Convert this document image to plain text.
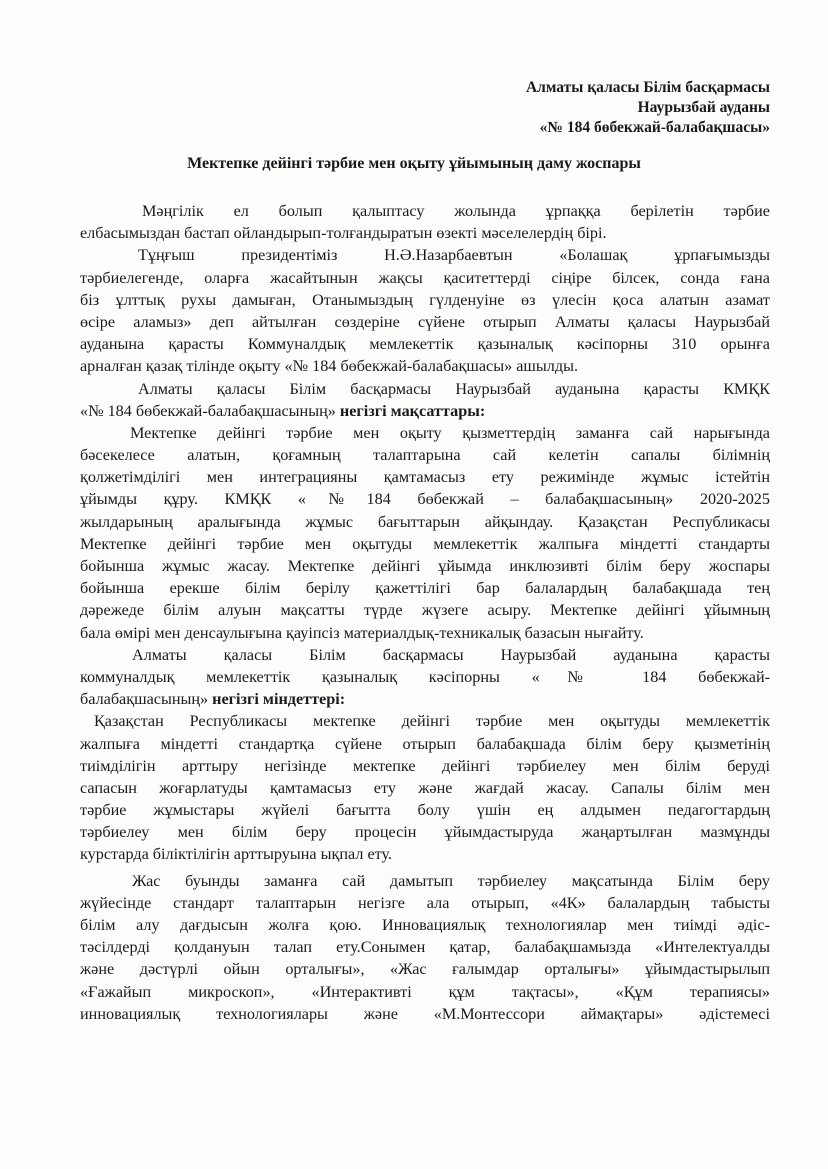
Алматы қаласы Білім басқармасы
Наурызбай ауданы
«№ 184 бөбекжай-балабақшасы»
Мектепке дейінгі тәрбие мен оқыту ұйымының даму жоспары
Мәңгілік ел болып қалыптасу жолында ұрпаққа берілетін тәрбие
елбасымыздан бастап ойландырып-толғандыратын өзекті мәселелердің бірі.
Тұңғыш президентіміз Н.Ә.Назарбаевтын «Болашақ ұрпағымызды
тәрбиелегенде, оларға жасайтынын жақсы қаситеттерді сіңіре білсек, сонда ғана
біз ұлттық рухы дамыған, Отанымыздың гүлденуіне өз үлесін қоса алатын азамат
өсіре аламыз» деп айтылған сөздеріне сүйене отырып Алматы қаласы Наурызбай
ауданына қарасты Коммуналдық мемлекеттік қазыналық кәсіпорны 310 орынға
арналған қазақ тілінде оқыту «№ 184 бөбекжай-балабақшасы» ашылды.
Алматы қаласы Білім басқармасы Наурызбай ауданына қарасты КМҚК
«№ 184 бөбекжай-балабақшасының» негізгі мақсаттары:
Мектепке дейінгі тәрбие мен оқыту қызметтердің заманға сай нарығында
бәсекелесе алатын, қоғамның талаптарына сай келетін сапалы білімнің
қолжетімділігі мен интеграцияны қамтамасыз ету режимінде жұмыс істейтін
ұйымды құру. КМҚК «№184 бөбекжай – балабақшасының» 2020-2025
жылдарының аралығында жұмыс бағыттарын айқындау. Қазақстан Республикасы
Мектепке дейінгі тәрбие мен оқытуды мемлекеттік жалпыға міндетті стандарты
бойынша жұмыс жасау. Мектепке дейінгі ұйымда инклюзивті білім беру жоспары
бойынша ерекше білім берілу қажеттілігі бар балалардың балабақшада тең
дәрежеде білім алуын мақсатты түрде жүзеге асыру. Мектепке дейінгі ұйымның
бала өмірі мен денсаулығына қауіпсіз материалдық-техникалық базасын нығайту.
Алматы қаласы Білім басқармасы Наурызбай ауданына қарасты
коммуналдық мемлекеттік қазыналық кәсіпорны «№ 184 бөбекжай-
балабақшасының» негізгі міндеттері:
Қазақстан Республикасы мектепке дейінгі тәрбие мен оқытуды мемлекеттік
жалпыға міндетті стандартқа сүйене отырып балабақшада білім беру қызметінің
тиімділігін арттыру негізінде мектепке дейінгі тәрбиелеу мен білім беруді
сапасын жоғарлатуды қамтамасыз ету және жағдай жасау. Сапалы білім мен
тәрбие жұмыстары жүйелі бағытта болу үшін ең алдымен педагогтардың
тәрбиелеу мен білім беру процесін ұйымдастыруда жаңартылған мазмұнды
курстарда біліктілігін арттыруына ықпал ету.
Жас буынды заманға сай дамытып тәрбиелеу мақсатында Білім беру
жүйесінде стандарт талаптарын негізге ала отырып, «4К» балалардың табысты
білім алу дағдысын жолға қою. Инновациялық технологиялар мен тиімді әдіс-
тәсілдерді қолдануын талап ету.Сонымен қатар, балабақшамызда «Интелектуалды
және дәстүрлі ойын орталығы», «Жас ғалымдар орталығы» ұйымдастырылып
«Ғажайып микроскоп», «Интерактивті құм тақтасы», «Құм терапиясы»
инновациялық технологиялары және «М.Монтессори аймақтары» әдістемесі
